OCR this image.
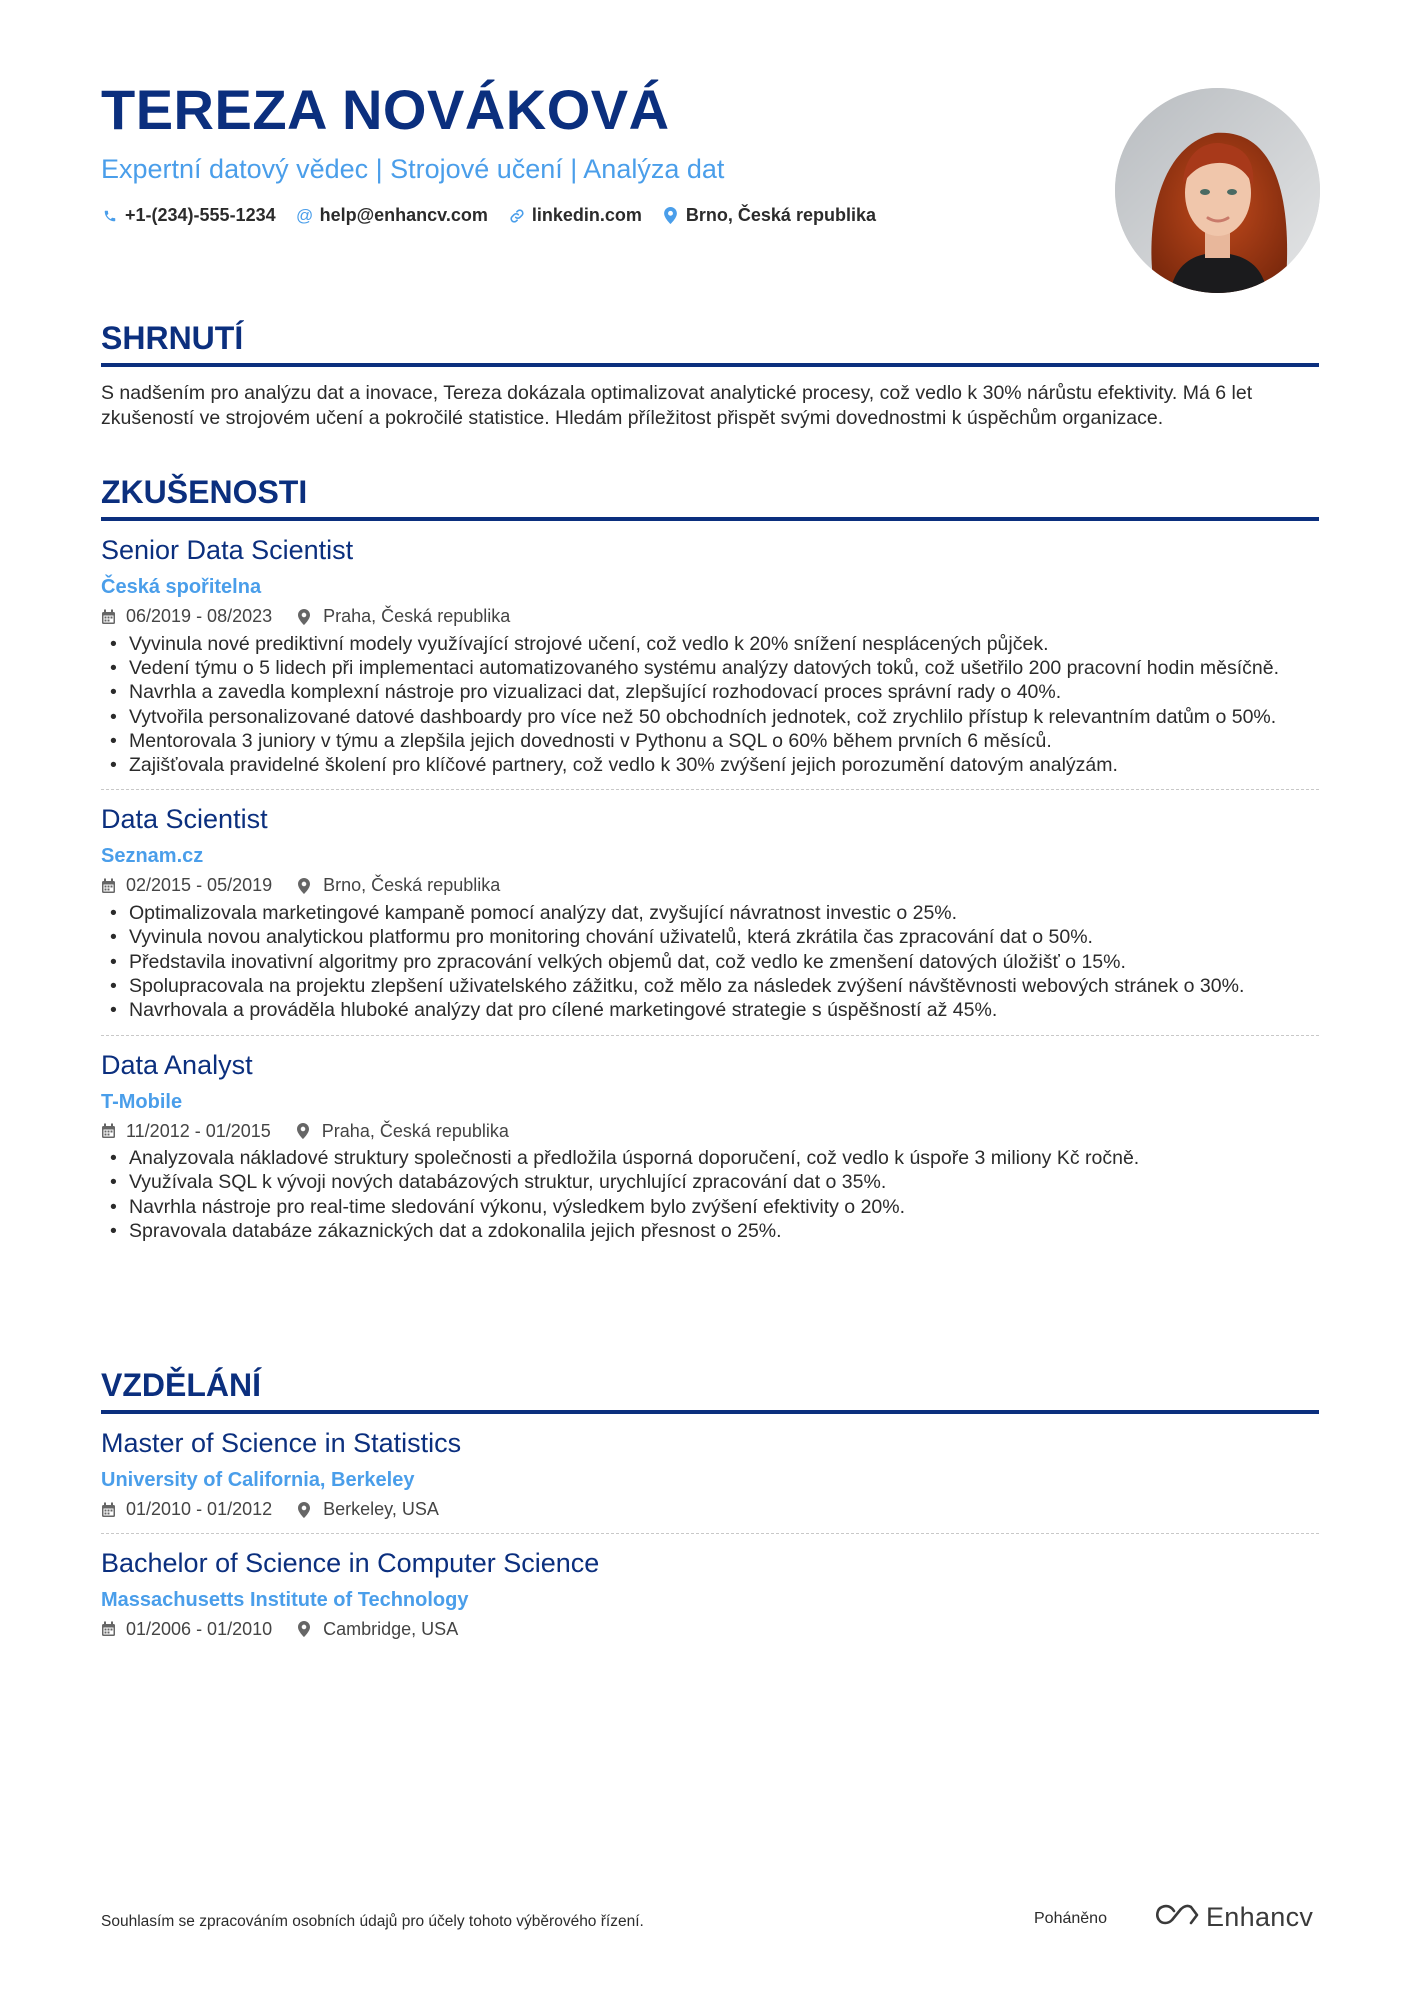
TEREZA NOVÁKOVÁ
Expertní datový vědec | Strojové učení | Analýza dat
+1-(234)-555-1234 @ help@enhancv.com linkedin.com Brno, Česká republika
SHRNUTÍ
S nadšením pro analýzu dat a inovace, Tereza dokázala optimalizovat analytické procesy, což vedlo k 30% nárůstu efektivity. Má 6 let zkušeností ve strojovém učení a pokročilé statistice. Hledám příležitost přispět svými dovednostmi k úspěchům organizace.
ZKUŠENOSTI
Senior Data Scientist
Česká spořitelna
06/2019 - 08/2023	Praha, Česká republika
• Vyvinula nové prediktivní modely využívající strojové učení, což vedlo k 20% snížení nesplácených půjček.
• Vedení týmu o 5 lidech při implementaci automatizovaného systému analýzy datových toků, což ušetřilo 200 pracovní hodin měsíčně.
• Navrhla a zavedla komplexní nástroje pro vizualizaci dat, zlepšující rozhodovací proces správní rady o 40%.
• Vytvořila personalizované datové dashboardy pro více než 50 obchodních jednotek, což zrychlilo přístup k relevantním datům o 50%.
• Mentorovala 3 juniory v týmu a zlepšila jejich dovednosti v Pythonu a SQL o 60% během prvních 6 měsíců.
• Zajišťovala pravidelné školení pro klíčové partnery, což vedlo k 30% zvýšení jejich porozumění datovým analýzám.
Data Scientist
Seznam.cz
02/2015 - 05/2019	Brno, Česká republika
• Optimalizovala marketingové kampaně pomocí analýzy dat, zvyšující návratnost investic o 25%.
• Vyvinula novou analytickou platformu pro monitoring chování uživatelů, která zkrátila čas zpracování dat o 50%.
• Představila inovativní algoritmy pro zpracování velkých objemů dat, což vedlo ke zmenšení datových úložišť o 15%.
• Spolupracovala na projektu zlepšení uživatelského zážitku, což mělo za následek zvýšení návštěvnosti webových stránek o 30%.
• Navrhovala a prováděla hluboké analýzy dat pro cílené marketingové strategie s úspěšností až 45%.
Data Analyst
T-Mobile
11/2012 - 01/2015	Praha, Česká republika
• Analyzovala nákladové struktury společnosti a předložila úsporná doporučení, což vedlo k úspoře 3 miliony Kč ročně.
• Využívala SQL k vývoji nových databázových struktur, urychlující zpracování dat o 35%.
• Navrhla nástroje pro real-time sledování výkonu, výsledkem bylo zvýšení efektivity o 20%.
• Spravovala databáze zákaznických dat a zdokonalila jejich přesnost o 25%.
VZDĚLÁNÍ
Master of Science in Statistics
University of California, Berkeley
01/2010 - 01/2012	Berkeley, USA
Bachelor of Science in Computer Science
Massachusetts Institute of Technology
01/2006 - 01/2010	Cambridge, USA
Souhlasím se zpracováním osobních údajů pro účely tohoto výběrového řízení.	Poháněno	Enhancv
